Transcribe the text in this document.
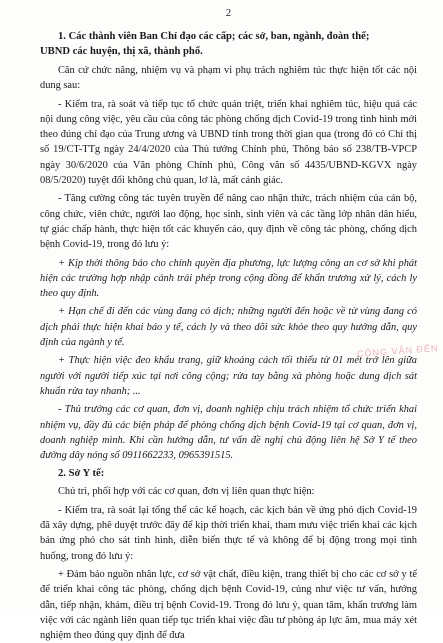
2
1. Các thành viên Ban Chỉ đạo các cấp; các sở, ban, ngành, đoàn thể;
UBND các huyện, thị xã, thành phố.

Căn cứ chức năng, nhiệm vụ và phạm vi phụ trách nghiêm túc thực hiện tốt các nội dung sau:

- Kiểm tra, rà soát và tiếp tục tổ chức quán triệt, triển khai nghiêm túc, hiệu quả các nội dung công việc, yêu cầu của công tác phòng chống dịch Covid-19 trong tình hình mới theo đúng chỉ đạo của Trung ương và UBND tỉnh trong thời gian qua (trong đó có Chỉ thị số 19/CT-TTg ngày 24/4/2020 của Thủ tướng Chính phủ, Thông báo số 238/TB-VPCP ngày 30/6/2020 của Văn phòng Chính phủ, Công văn số 4435/UBND-KGVX ngày 08/5/2020) tuyệt đối không chủ quan, lơ là, mất cảnh giác.

- Tăng cường công tác tuyên truyền để nâng cao nhận thức, trách nhiệm của cán bộ, công chức, viên chức, người lao động, học sinh, sinh viên và các tầng lớp nhân dân hiểu, tự giác chấp hành, thực hiện tốt các khuyến cáo, quy định về công tác phòng, chống dịch bệnh Covid-19, trong đó lưu ý:

+ Kịp thời thông báo cho chính quyền địa phương, lực lượng công an cơ sở khi phát hiện các trường hợp nhập cảnh trái phép trong cộng đồng để khẩn trương xử lý, cách ly theo quy định.

+ Hạn chế đi đến các vùng đang có dịch; những người đến hoặc về từ vùng đang có dịch phải thực hiện khai báo y tế, cách ly và theo dõi sức khỏe theo quy hướng dẫn, quy định của ngành y tế.

+ Thực hiện việc đeo khẩu trang, giữ khoảng cách tối thiểu từ 01 mét trở lên giữa người với người tiếp xúc tại nơi công cộng; rửa tay bằng xà phòng hoặc dung dịch sát khuẩn rửa tay nhanh; ...

- Thủ trưởng các cơ quan, đơn vị, doanh nghiệp chịu trách nhiệm tổ chức triển khai nhiệm vụ, đầy đủ các biện pháp để phòng chống dịch bệnh Covid-19 tại cơ quan, đơn vị, doanh nghiệp mình. Khi cần hướng dẫn, tư vấn đề nghị chủ động liên hệ Sở Y tế theo đường dây nóng số 0911662233, 0965391515.

2. Sở Y tế:

Chủ trì, phối hợp với các cơ quan, đơn vị liên quan thực hiện:

- Kiểm tra, rà soát lại tổng thể các kế hoạch, các kịch bản về ứng phó dịch Covid-19 đã xây dựng, phê duyệt trước đây để kịp thời triển khai, tham mưu việc triển khai các kịch bản ứng phó cho sát tình hình, diễn biến thực tế và không để bị động trong mọi tình huống, trong đó lưu ý:

+ Đảm bảo nguồn nhân lực, cơ sở vật chất, điều kiện, trang thiết bị cho các cơ sở y tế để triển khai công tác phòng, chống dịch bệnh Covid-19, củng như việc tư vấn, hướng dẫn, tiếp nhận, khám, điều trị bệnh Covid-19. Trong đó lưu ý, quan tâm, khẩn trương làm việc với các ngành liên quan tiếp tục triển khai việc đầu tư phòng áp lực âm, mua máy xét nghiệm theo đúng quy định để đưa

CÔNG VĂN ĐẾN
